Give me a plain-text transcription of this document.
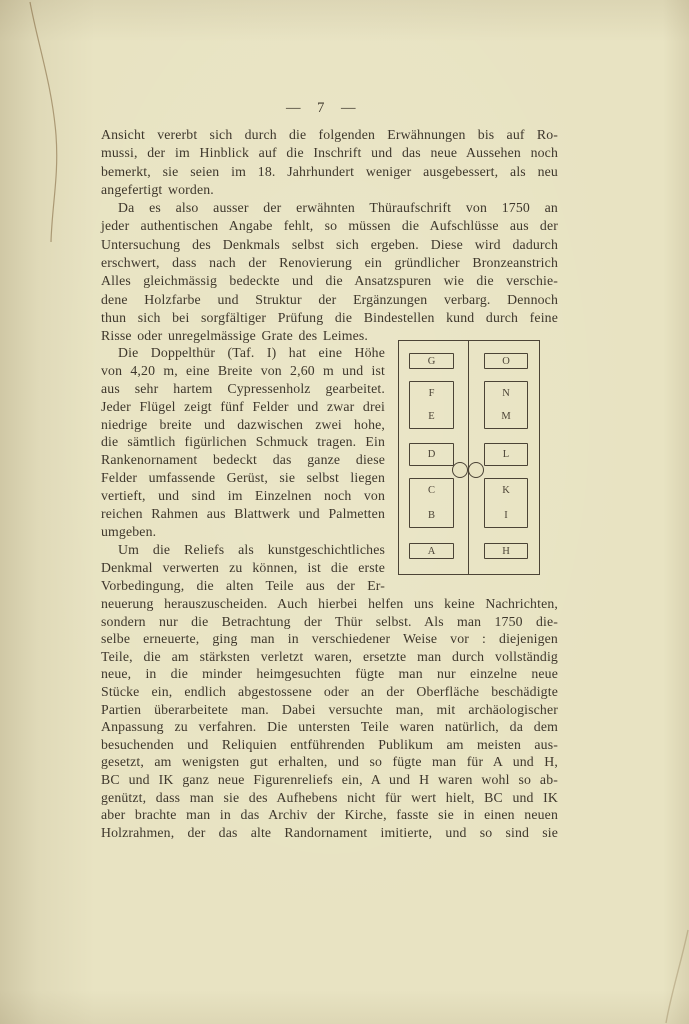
— 7 —
Ansicht vererbt sich durch die folgenden Erwähnungen bis auf Ro-
mussi, der im Hinblick auf die Inschrift und das neue Aussehen noch
bemerkt, sie seien im 18. Jahrhundert weniger ausgebessert, als neu
angefertigt worden.
Da es also ausser der erwähnten Thüraufschrift von 1750 an
jeder authentischen Angabe fehlt, so müssen die Aufschlüsse aus der
Untersuchung des Denkmals selbst sich ergeben. Diese wird dadurch
erschwert, dass nach der Renovierung ein gründlicher Bronzeanstrich
Alles gleichmässig bedeckte und die Ansatzspuren wie die verschie-
dene Holzfarbe und Struktur der Ergänzungen verbarg. Dennoch
thun sich bei sorgfältiger Prüfung die Bindestellen kund durch feine
Risse oder unregelmässige Grate des Leimes.
G
F
E
D
C
B
A
O
N
M
L
K
I
H
Die Doppelthür (Taf. I) hat eine Höhe
von 4,20 m, eine Breite von 2,60 m und ist
aus sehr hartem Cypressenholz gearbeitet.
Jeder Flügel zeigt fünf Felder und zwar drei
niedrige breite und dazwischen zwei hohe,
die sämtlich figürlichen Schmuck tragen. Ein
Rankenornament bedeckt das ganze diese
Felder umfassende Gerüst, sie selbst liegen
vertieft, und sind im Einzelnen noch von
reichen Rahmen aus Blattwerk und Palmetten
umgeben.
Um die Reliefs als kunstgeschichtliches
Denkmal verwerten zu können, ist die erste
Vorbedingung, die alten Teile aus der Er-
neuerung herauszuscheiden. Auch hierbei helfen uns keine Nachrichten,
sondern nur die Betrachtung der Thür selbst. Als man 1750 die-
selbe erneuerte, ging man in verschiedener Weise vor : diejenigen
Teile, die am stärksten verletzt waren, ersetzte man durch vollständig
neue, in die minder heimgesuchten fügte man nur einzelne neue
Stücke ein, endlich abgestossene oder an der Oberfläche beschädigte
Partien überarbeitete man. Dabei versuchte man, mit archäologischer
Anpassung zu verfahren. Die untersten Teile waren natürlich, da dem
besuchenden und Reliquien entführenden Publikum am meisten aus-
gesetzt, am wenigsten gut erhalten, und so fügte man für A und H,
BC und IK ganz neue Figurenreliefs ein, A und H waren wohl so ab-
genützt, dass man sie des Aufhebens nicht für wert hielt, BC und IK
aber brachte man in das Archiv der Kirche, fasste sie in einen neuen
Holzrahmen, der das alte Randornament imitierte, und so sind sie
